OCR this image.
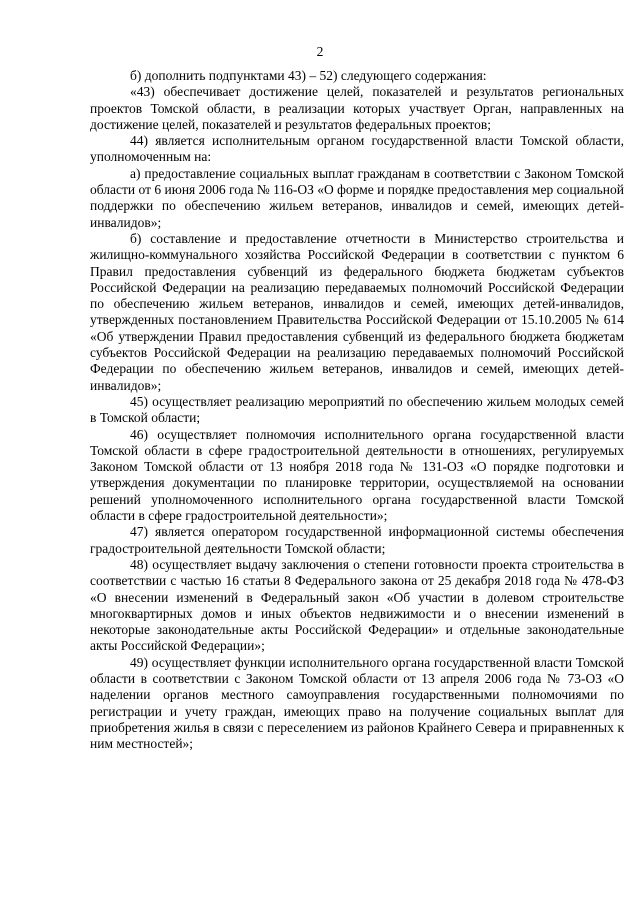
2

б) дополнить подпунктами 43) – 52) следующего содержания:

«43) обеспечивает достижение целей, показателей и результатов региональных проектов Томской области, в реализации которых участвует Орган, направленных на достижение целей, показателей и результатов федеральных проектов;

44) является исполнительным органом государственной власти Томской области, уполномоченным на:

а) предоставление социальных выплат гражданам в соответствии с Законом Томской области от 6 июня 2006 года № 116-ОЗ «О форме и порядке предоставления мер социальной поддержки по обеспечению жильем ветеранов, инвалидов и семей, имеющих детей-инвалидов»;

б) составление и предоставление отчетности в Министерство строительства и жилищно-коммунального хозяйства Российской Федерации в соответствии с пунктом 6 Правил предоставления субвенций из федерального бюджета бюджетам субъектов Российской Федерации на реализацию передаваемых полномочий Российской Федерации по обеспечению жильем ветеранов, инвалидов и семей, имеющих детей-инвалидов, утвержденных постановлением Правительства Российской Федерации от 15.10.2005 № 614 «Об утверждении Правил предоставления субвенций из федерального бюджета бюджетам субъектов Российской Федерации на реализацию передаваемых полномочий Российской Федерации по обеспечению жильем ветеранов, инвалидов и семей, имеющих детей-инвалидов»;

45) осуществляет реализацию мероприятий по обеспечению жильем молодых семей в Томской области;

46) осуществляет полномочия исполнительного органа государственной власти Томской области в сфере градостроительной деятельности в отношениях, регулируемых Законом Томской области от 13 ноября 2018 года № 131-ОЗ «О порядке подготовки и утверждения документации по планировке территории, осуществляемой на основании решений уполномоченного исполнительного органа государственной власти Томской области в сфере градостроительной деятельности»;

47) является оператором государственной информационной системы обеспечения градостроительной деятельности Томской области;

48) осуществляет выдачу заключения о степени готовности проекта строительства в соответствии с частью 16 статьи 8 Федерального закона от 25 декабря 2018 года № 478-ФЗ «О внесении изменений в Федеральный закон «Об участии в долевом строительстве многоквартирных домов и иных объектов недвижимости и о внесении изменений в некоторые законодательные акты Российской Федерации» и отдельные законодательные акты Российской Федерации»;

49) осуществляет функции исполнительного органа государственной власти Томской области в соответствии с Законом Томской области от 13 апреля 2006 года № 73-ОЗ «О наделении органов местного самоуправления государственными полномочиями по регистрации и учету граждан, имеющих право на получение социальных выплат для приобретения жилья в связи с переселением из районов Крайнего Севера и приравненных к ним местностей»;
